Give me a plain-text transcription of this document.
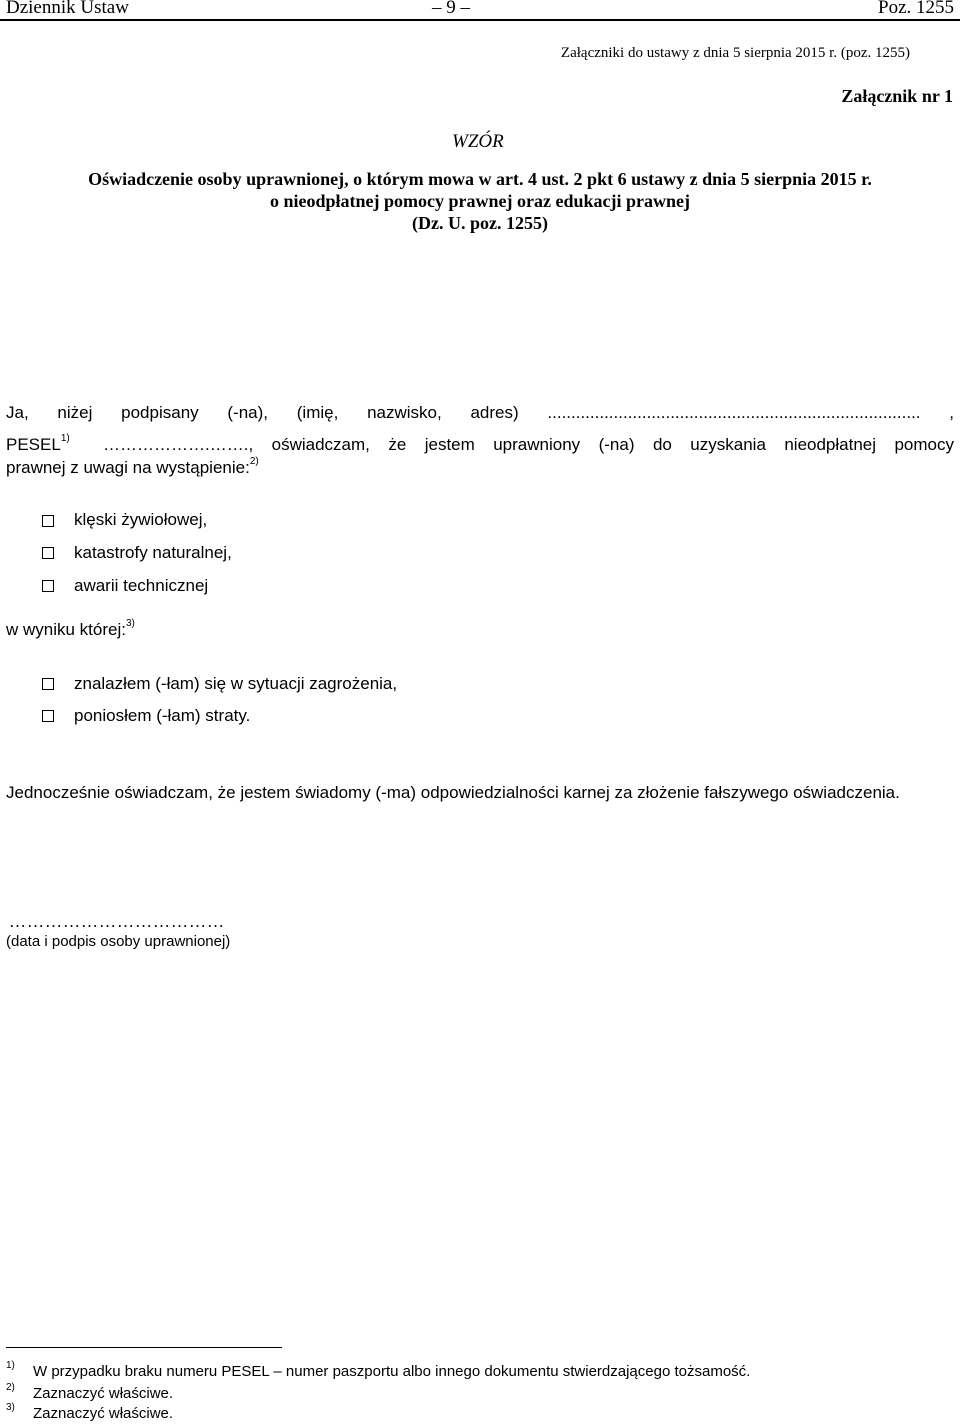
Dziennik Ustaw	– 9 –	Poz. 1255
Załączniki do ustawy z dnia 5 sierpnia 2015 r. (poz. 1255)
Załącznik nr 1
WZÓR
Oświadczenie osoby uprawnionej, o którym mowa w art. 4 ust. 2 pkt 6 ustawy z dnia 5 sierpnia 2015 r.
o nieodpłatnej pomocy prawnej oraz edukacji prawnej
(Dz. U. poz. 1255)
Ja, niżej podpisany (-na), (imię, nazwisko, adres) ............................................................................... ,
PESEL$^{1)}$ ……………….……., oświadczam, że jestem uprawniony (-na) do uzyskania nieodpłatnej pomocy
prawnej z uwagi na wystąpienie:$^{2)}$
klęski żywiołowej,
katastrofy naturalnej,
awarii technicznej
w wyniku której:$^{3)}$
znalazłem (-łam) się w sytuacji zagrożenia,
poniosłem (-łam) straty.
Jednocześnie oświadczam, że jestem świadomy (-ma) odpowiedzialności karnej za złożenie fałszywego oświadczenia.
………………………………
(data i podpis osoby uprawnionej)
1) W przypadku braku numeru PESEL – numer paszportu albo innego dokumentu stwierdzającego tożsamość.
2) Zaznaczyć właściwe.
3) Zaznaczyć właściwe.
